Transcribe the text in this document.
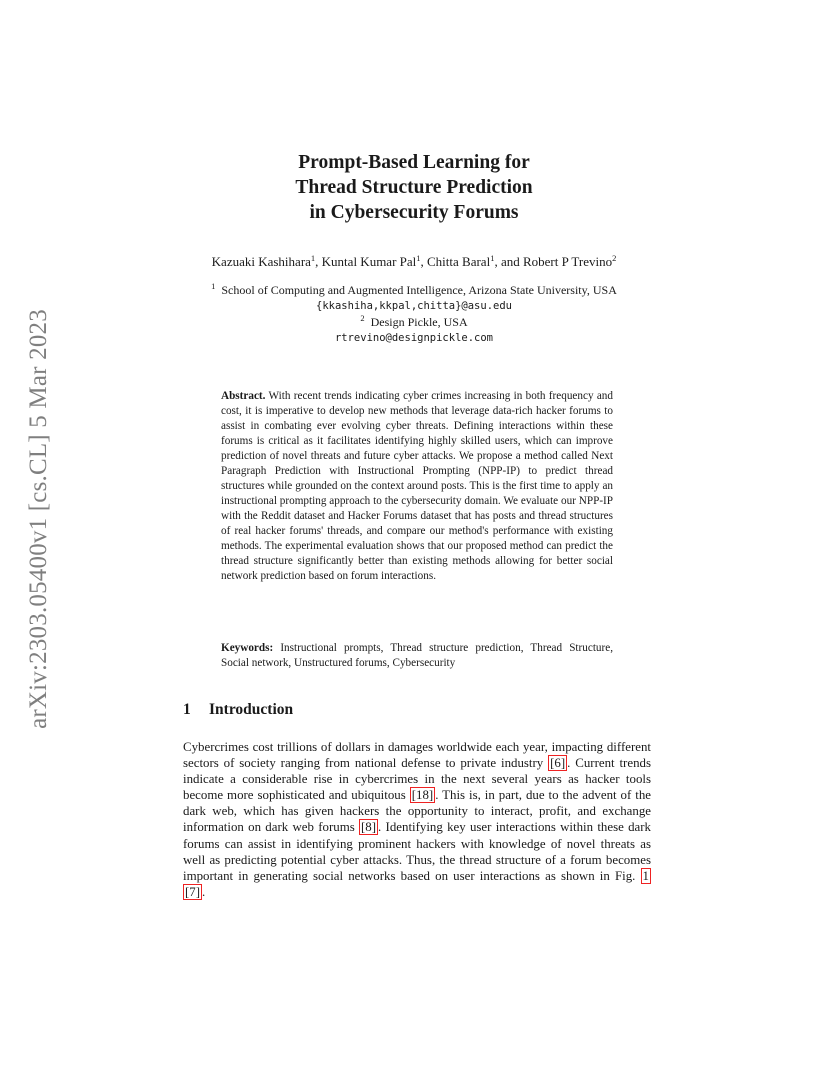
arXiv:2303.05400v1 [cs.CL] 5 Mar 2023
Prompt-Based Learning for
Thread Structure Prediction
in Cybersecurity Forums
Kazuaki Kashihara$^1$, Kuntal Kumar Pal$^1$, Chitta Baral$^1$, and Robert P Trevino$^2$
$^1$ School of Computing and Augmented Intelligence, Arizona State University, USA
{kkashiha,kkpal,chitta}@asu.edu
$^2$ Design Pickle, USA
rtrevino@designpickle.com
Abstract. With recent trends indicating cyber crimes increasing in both frequency and cost, it is imperative to develop new methods that leverage data-rich hacker forums to assist in combating ever evolving cyber threats. Defining interactions within these forums is critical as it facilitates identifying highly skilled users, which can improve prediction of novel threats and future cyber attacks. We propose a method called Next Paragraph Prediction with Instructional Prompting (NPP-IP) to predict thread structures while grounded on the context around posts. This is the first time to apply an instructional prompting approach to the cybersecurity domain. We evaluate our NPP-IP with the Reddit dataset and Hacker Forums dataset that has posts and thread structures of real hacker forums' threads, and compare our method's performance with existing methods. The experimental evaluation shows that our proposed method can predict the thread structure significantly better than existing methods allowing for better social network prediction based on forum interactions.
Keywords: Instructional prompts, Thread structure prediction, Thread Structure, Social network, Unstructured forums, Cybersecurity
1 Introduction
Cybercrimes cost trillions of dollars in damages worldwide each year, impacting different sectors of society ranging from national defense to private industry [6] . Current trends indicate a considerable rise in cybercrimes in the next several years as hacker tools become more sophisticated and ubiquitous [18] . This is, in part, due to the advent of the dark web, which has given hackers the opportunity to interact, profit, and exchange information on dark web forums [8] . Identifying key user interactions within these dark forums can assist in identifying prominent hackers with knowledge of novel threats as well as predicting potential cyber attacks. Thus, the thread structure of a forum becomes important in generating social networks based on user interactions as shown in Fig. 1 [7] .
